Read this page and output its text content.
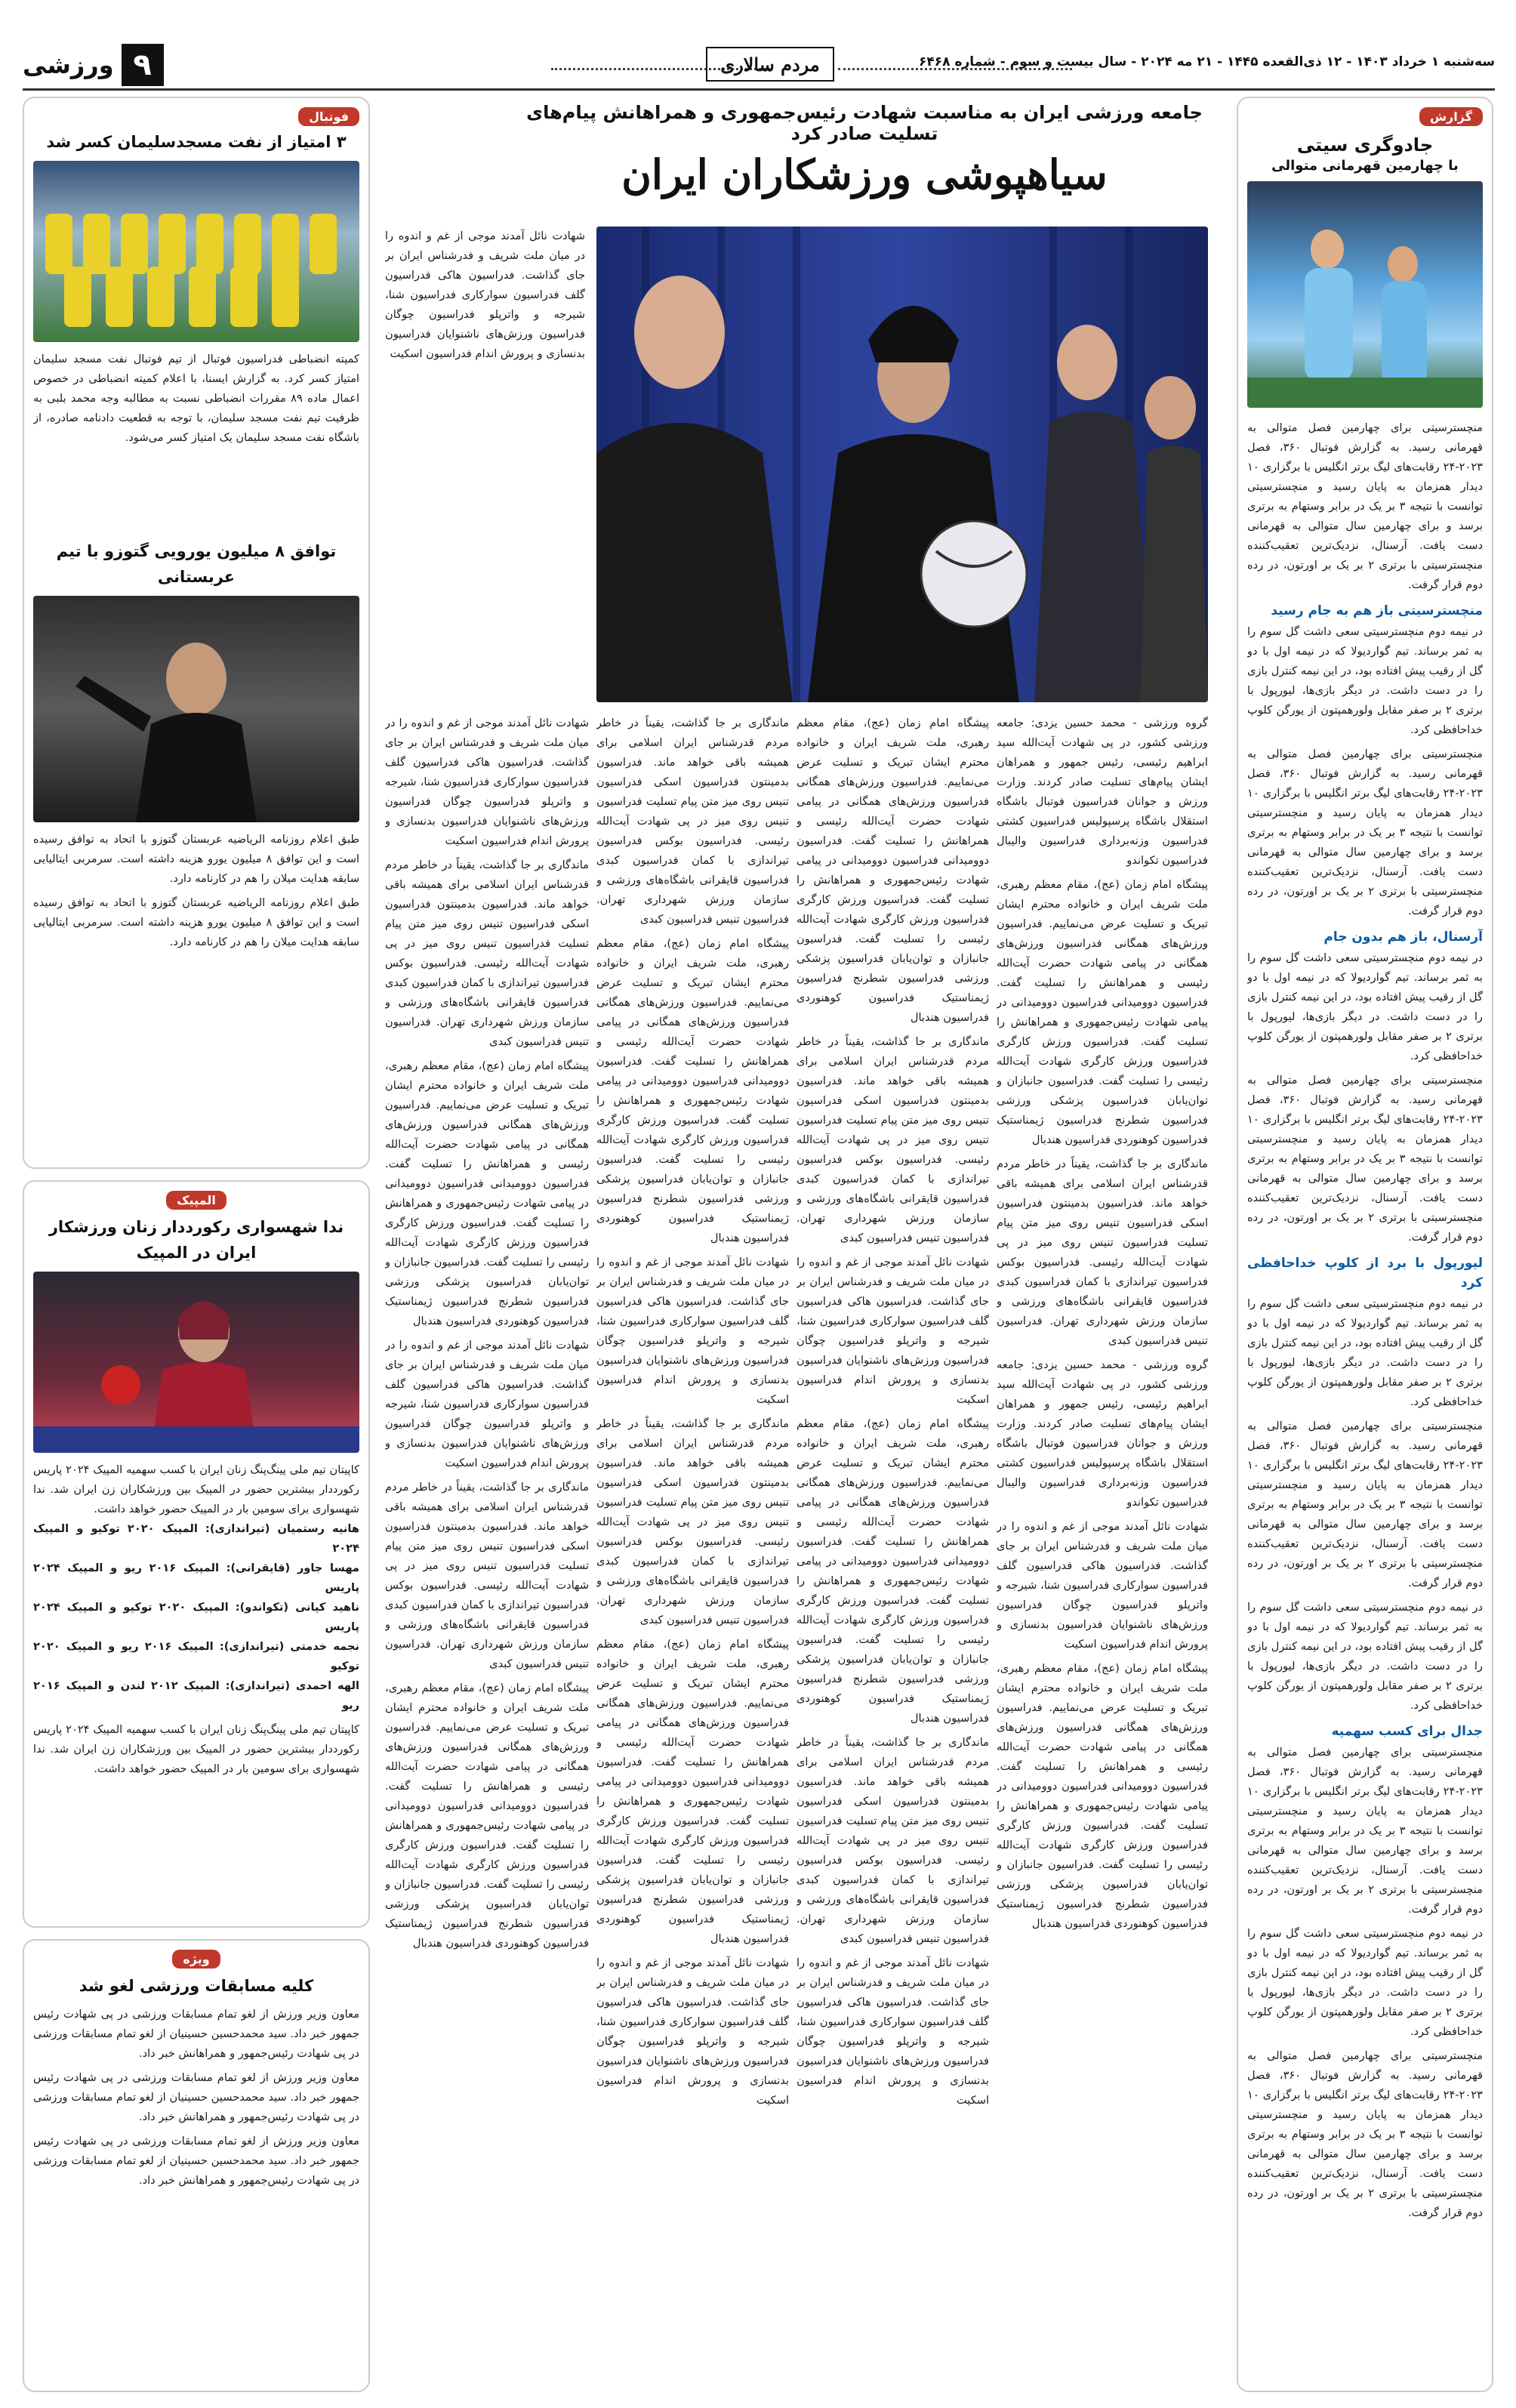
۹
ورزشی	مردم سالاری	سه‌شنبه ۱ خرداد ۱۴۰۳ - ۱۲ ذی‌القعده ۱۴۴۵ - ۲۱ مه ۲۰۲۴ - سال بیست و سوم - شماره ۶۴۶۸
گزارش
جادوگری سیتی
با چهارمین قهرمانی متوالی

منچسترسیتی برای چهارمین فصل متوالی به قهرمانی رسید. به گزارش فوتبال ۳۶۰، فصل ۲۰۲۳-۲۴ رقابت‌های لیگ برتر انگلیس با برگزاری ۱۰ دیدار همزمان به پایان رسید و منچسترسیتی توانست با نتیجه ۳ بر یک در برابر وستهام به برتری برسد و برای چهارمین سال متوالی به قهرمانی دست یافت. آرسنال، نزدیک‌ترین تعقیب‌کننده منچسترسیتی با برتری ۲ بر یک بر اورتون، در رده دوم قرار گرفت.

منچسترسیتی باز هم به جام رسید

در نیمه دوم منچسترسیتی سعی داشت گل سوم را به ثمر برساند. تیم گواردیولا که در نیمه اول با دو گل از رقیب پیش افتاده بود، در این نیمه کنترل بازی را در دست داشت. در دیگر بازی‌ها، لیورپول با برتری ۲ بر صفر مقابل ولورهمپتون از یورگن کلوپ خداحافظی کرد.

منچسترسیتی برای چهارمین فصل متوالی به قهرمانی رسید. به گزارش فوتبال ۳۶۰، فصل ۲۰۲۳-۲۴ رقابت‌های لیگ برتر انگلیس با برگزاری ۱۰ دیدار همزمان به پایان رسید و منچسترسیتی توانست با نتیجه ۳ بر یک در برابر وستهام به برتری برسد و برای چهارمین سال متوالی به قهرمانی دست یافت. آرسنال، نزدیک‌ترین تعقیب‌کننده منچسترسیتی با برتری ۲ بر یک بر اورتون، در رده دوم قرار گرفت.

آرسنال، باز هم بدون جام

در نیمه دوم منچسترسیتی سعی داشت گل سوم را به ثمر برساند. تیم گواردیولا که در نیمه اول با دو گل از رقیب پیش افتاده بود، در این نیمه کنترل بازی را در دست داشت. در دیگر بازی‌ها، لیورپول با برتری ۲ بر صفر مقابل ولورهمپتون از یورگن کلوپ خداحافظی کرد.

منچسترسیتی برای چهارمین فصل متوالی به قهرمانی رسید. به گزارش فوتبال ۳۶۰، فصل ۲۰۲۳-۲۴ رقابت‌های لیگ برتر انگلیس با برگزاری ۱۰ دیدار همزمان به پایان رسید و منچسترسیتی توانست با نتیجه ۳ بر یک در برابر وستهام به برتری برسد و برای چهارمین سال متوالی به قهرمانی دست یافت. آرسنال، نزدیک‌ترین تعقیب‌کننده منچسترسیتی با برتری ۲ بر یک بر اورتون، در رده دوم قرار گرفت.

لیورپول با برد از کلوپ خداحافظی کرد

در نیمه دوم منچسترسیتی سعی داشت گل سوم را به ثمر برساند. تیم گواردیولا که در نیمه اول با دو گل از رقیب پیش افتاده بود، در این نیمه کنترل بازی را در دست داشت. در دیگر بازی‌ها، لیورپول با برتری ۲ بر صفر مقابل ولورهمپتون از یورگن کلوپ خداحافظی کرد.

منچسترسیتی برای چهارمین فصل متوالی به قهرمانی رسید. به گزارش فوتبال ۳۶۰، فصل ۲۰۲۳-۲۴ رقابت‌های لیگ برتر انگلیس با برگزاری ۱۰ دیدار همزمان به پایان رسید و منچسترسیتی توانست با نتیجه ۳ بر یک در برابر وستهام به برتری برسد و برای چهارمین سال متوالی به قهرمانی دست یافت. آرسنال، نزدیک‌ترین تعقیب‌کننده منچسترسیتی با برتری ۲ بر یک بر اورتون، در رده دوم قرار گرفت.

در نیمه دوم منچسترسیتی سعی داشت گل سوم را به ثمر برساند. تیم گواردیولا که در نیمه اول با دو گل از رقیب پیش افتاده بود، در این نیمه کنترل بازی را در دست داشت. در دیگر بازی‌ها، لیورپول با برتری ۲ بر صفر مقابل ولورهمپتون از یورگن کلوپ خداحافظی کرد.

جدال برای کسب سهمیه

منچسترسیتی برای چهارمین فصل متوالی به قهرمانی رسید. به گزارش فوتبال ۳۶۰، فصل ۲۰۲۳-۲۴ رقابت‌های لیگ برتر انگلیس با برگزاری ۱۰ دیدار همزمان به پایان رسید و منچسترسیتی توانست با نتیجه ۳ بر یک در برابر وستهام به برتری برسد و برای چهارمین سال متوالی به قهرمانی دست یافت. آرسنال، نزدیک‌ترین تعقیب‌کننده منچسترسیتی با برتری ۲ بر یک بر اورتون، در رده دوم قرار گرفت.

در نیمه دوم منچسترسیتی سعی داشت گل سوم را به ثمر برساند. تیم گواردیولا که در نیمه اول با دو گل از رقیب پیش افتاده بود، در این نیمه کنترل بازی را در دست داشت. در دیگر بازی‌ها، لیورپول با برتری ۲ بر صفر مقابل ولورهمپتون از یورگن کلوپ خداحافظی کرد.

منچسترسیتی برای چهارمین فصل متوالی به قهرمانی رسید. به گزارش فوتبال ۳۶۰، فصل ۲۰۲۳-۲۴ رقابت‌های لیگ برتر انگلیس با برگزاری ۱۰ دیدار همزمان به پایان رسید و منچسترسیتی توانست با نتیجه ۳ بر یک در برابر وستهام به برتری برسد و برای چهارمین سال متوالی به قهرمانی دست یافت. آرسنال، نزدیک‌ترین تعقیب‌کننده منچسترسیتی با برتری ۲ بر یک بر اورتون، در رده دوم قرار گرفت.

جامعه ورزشی ایران به مناسبت شهادت رئیس‌جمهوری و همراهانش پیام‌های تسلیت صادر کرد
سیاهپوشی ورزشکاران ایران
شهادت نائل آمدند موجی از غم و اندوه را در میان ملت شریف و فدرشناس ایران بر جای گذاشت. فدراسیون هاکی فدراسیون گلف فدراسیون سوارکاری فدراسیون شنا، شیرجه و واترپلو فدراسیون چوگان فدراسیون ورزش‌های ناشنوایان فدراسیون بدنسازی و پرورش اندام فدراسیون اسکیت

گروه ورزشی - محمد حسین یزدی: جامعه ورزشی کشور، در پی شهادت آیت‌الله سید ابراهیم رئیسی، رئیس جمهور و همراهان ایشان پیام‌های تسلیت صادر کردند. وزارت ورزش و جوانان فدراسیون فوتبال باشگاه استقلال باشگاه پرسپولیس فدراسیون کشتی فدراسیون وزنه‌برداری فدراسیون والیبال فدراسیون تکواندو

پیشگاه امام زمان (عج)، مقام معظم رهبری، ملت شریف ایران و خانواده محترم ایشان تبریک و تسلیت عرض می‌نماییم. فدراسیون ورزش‌های همگانی فدراسیون ورزش‌های همگانی در پیامی شهادت حضرت آیت‌الله رئیسی و همراهانش را تسلیت گفت. فدراسیون دوومیدانی فدراسیون دوومیدانی در پیامی شهادت رئیس‌جمهوری و همراهانش را تسلیت گفت. فدراسیون ورزش کارگری فدراسیون ورزش کارگری شهادت آیت‌الله رئیسی را تسلیت گفت. فدراسیون جانبازان و توان‌یابان فدراسیون پزشکی ورزشی فدراسیون شطرنج فدراسیون ژیمناستیک فدراسیون کوهنوردی فدراسیون هندبال

ماندگاری بر جا گذاشت، یقیناً در خاطر مردم قدرشناس ایران اسلامی برای همیشه باقی خواهد ماند. فدراسیون بدمینتون فدراسیون اسکی فدراسیون تنیس روی میز متن پیام تسلیت فدراسیون تنیس روی میز در پی شهادت آیت‌الله رئیسی. فدراسیون بوکس فدراسیون تیراندازی با کمان فدراسیون کبدی فدراسیون قایقرانی باشگاه‌های ورزشی و سازمان ورزش شهرداری تهران. فدراسیون تنیس فدراسیون کبدی

گروه ورزشی - محمد حسین یزدی: جامعه ورزشی کشور، در پی شهادت آیت‌الله سید ابراهیم رئیسی، رئیس جمهور و همراهان ایشان پیام‌های تسلیت صادر کردند. وزارت ورزش و جوانان فدراسیون فوتبال باشگاه استقلال باشگاه پرسپولیس فدراسیون کشتی فدراسیون وزنه‌برداری فدراسیون والیبال فدراسیون تکواندو

شهادت نائل آمدند موجی از غم و اندوه را در میان ملت شریف و فدرشناس ایران بر جای گذاشت. فدراسیون هاکی فدراسیون گلف فدراسیون سوارکاری فدراسیون شنا، شیرجه و واترپلو فدراسیون چوگان فدراسیون ورزش‌های ناشنوایان فدراسیون بدنسازی و پرورش اندام فدراسیون اسکیت

پیشگاه امام زمان (عج)، مقام معظم رهبری، ملت شریف ایران و خانواده محترم ایشان تبریک و تسلیت عرض می‌نماییم. فدراسیون ورزش‌های همگانی فدراسیون ورزش‌های همگانی در پیامی شهادت حضرت آیت‌الله رئیسی و همراهانش را تسلیت گفت. فدراسیون دوومیدانی فدراسیون دوومیدانی در پیامی شهادت رئیس‌جمهوری و همراهانش را تسلیت گفت. فدراسیون ورزش کارگری فدراسیون ورزش کارگری شهادت آیت‌الله رئیسی را تسلیت گفت. فدراسیون جانبازان و توان‌یابان فدراسیون پزشکی ورزشی فدراسیون شطرنج فدراسیون ژیمناستیک فدراسیون کوهنوردی فدراسیون هندبال

پیشگاه امام زمان (عج)، مقام معظم رهبری، ملت شریف ایران و خانواده محترم ایشان تبریک و تسلیت عرض می‌نماییم. فدراسیون ورزش‌های همگانی فدراسیون ورزش‌های همگانی در پیامی شهادت حضرت آیت‌الله رئیسی و همراهانش را تسلیت گفت. فدراسیون دوومیدانی فدراسیون دوومیدانی در پیامی شهادت رئیس‌جمهوری و همراهانش را تسلیت گفت. فدراسیون ورزش کارگری فدراسیون ورزش کارگری شهادت آیت‌الله رئیسی را تسلیت گفت. فدراسیون جانبازان و توان‌یابان فدراسیون پزشکی ورزشی فدراسیون شطرنج فدراسیون ژیمناستیک فدراسیون کوهنوردی فدراسیون هندبال

ماندگاری بر جا گذاشت، یقیناً در خاطر مردم قدرشناس ایران اسلامی برای همیشه باقی خواهد ماند. فدراسیون بدمینتون فدراسیون اسکی فدراسیون تنیس روی میز متن پیام تسلیت فدراسیون تنیس روی میز در پی شهادت آیت‌الله رئیسی. فدراسیون بوکس فدراسیون تیراندازی با کمان فدراسیون کبدی فدراسیون قایقرانی باشگاه‌های ورزشی و سازمان ورزش شهرداری تهران. فدراسیون تنیس فدراسیون کبدی

شهادت نائل آمدند موجی از غم و اندوه را در میان ملت شریف و فدرشناس ایران بر جای گذاشت. فدراسیون هاکی فدراسیون گلف فدراسیون سوارکاری فدراسیون شنا، شیرجه و واترپلو فدراسیون چوگان فدراسیون ورزش‌های ناشنوایان فدراسیون بدنسازی و پرورش اندام فدراسیون اسکیت

پیشگاه امام زمان (عج)، مقام معظم رهبری، ملت شریف ایران و خانواده محترم ایشان تبریک و تسلیت عرض می‌نماییم. فدراسیون ورزش‌های همگانی فدراسیون ورزش‌های همگانی در پیامی شهادت حضرت آیت‌الله رئیسی و همراهانش را تسلیت گفت. فدراسیون دوومیدانی فدراسیون دوومیدانی در پیامی شهادت رئیس‌جمهوری و همراهانش را تسلیت گفت. فدراسیون ورزش کارگری فدراسیون ورزش کارگری شهادت آیت‌الله رئیسی را تسلیت گفت. فدراسیون جانبازان و توان‌یابان فدراسیون پزشکی ورزشی فدراسیون شطرنج فدراسیون ژیمناستیک فدراسیون کوهنوردی فدراسیون هندبال

ماندگاری بر جا گذاشت، یقیناً در خاطر مردم قدرشناس ایران اسلامی برای همیشه باقی خواهد ماند. فدراسیون بدمینتون فدراسیون اسکی فدراسیون تنیس روی میز متن پیام تسلیت فدراسیون تنیس روی میز در پی شهادت آیت‌الله رئیسی. فدراسیون بوکس فدراسیون تیراندازی با کمان فدراسیون کبدی فدراسیون قایقرانی باشگاه‌های ورزشی و سازمان ورزش شهرداری تهران. فدراسیون تنیس فدراسیون کبدی

شهادت نائل آمدند موجی از غم و اندوه را در میان ملت شریف و فدرشناس ایران بر جای گذاشت. فدراسیون هاکی فدراسیون گلف فدراسیون سوارکاری فدراسیون شنا، شیرجه و واترپلو فدراسیون چوگان فدراسیون ورزش‌های ناشنوایان فدراسیون بدنسازی و پرورش اندام فدراسیون اسکیت

ماندگاری بر جا گذاشت، یقیناً در خاطر مردم قدرشناس ایران اسلامی برای همیشه باقی خواهد ماند. فدراسیون بدمینتون فدراسیون اسکی فدراسیون تنیس روی میز متن پیام تسلیت فدراسیون تنیس روی میز در پی شهادت آیت‌الله رئیسی. فدراسیون بوکس فدراسیون تیراندازی با کمان فدراسیون کبدی فدراسیون قایقرانی باشگاه‌های ورزشی و سازمان ورزش شهرداری تهران. فدراسیون تنیس فدراسیون کبدی

پیشگاه امام زمان (عج)، مقام معظم رهبری، ملت شریف ایران و خانواده محترم ایشان تبریک و تسلیت عرض می‌نماییم. فدراسیون ورزش‌های همگانی فدراسیون ورزش‌های همگانی در پیامی شهادت حضرت آیت‌الله رئیسی و همراهانش را تسلیت گفت. فدراسیون دوومیدانی فدراسیون دوومیدانی در پیامی شهادت رئیس‌جمهوری و همراهانش را تسلیت گفت. فدراسیون ورزش کارگری فدراسیون ورزش کارگری شهادت آیت‌الله رئیسی را تسلیت گفت. فدراسیون جانبازان و توان‌یابان فدراسیون پزشکی ورزشی فدراسیون شطرنج فدراسیون ژیمناستیک فدراسیون کوهنوردی فدراسیون هندبال

شهادت نائل آمدند موجی از غم و اندوه را در میان ملت شریف و فدرشناس ایران بر جای گذاشت. فدراسیون هاکی فدراسیون گلف فدراسیون سوارکاری فدراسیون شنا، شیرجه و واترپلو فدراسیون چوگان فدراسیون ورزش‌های ناشنوایان فدراسیون بدنسازی و پرورش اندام فدراسیون اسکیت

ماندگاری بر جا گذاشت، یقیناً در خاطر مردم قدرشناس ایران اسلامی برای همیشه باقی خواهد ماند. فدراسیون بدمینتون فدراسیون اسکی فدراسیون تنیس روی میز متن پیام تسلیت فدراسیون تنیس روی میز در پی شهادت آیت‌الله رئیسی. فدراسیون بوکس فدراسیون تیراندازی با کمان فدراسیون کبدی فدراسیون قایقرانی باشگاه‌های ورزشی و سازمان ورزش شهرداری تهران. فدراسیون تنیس فدراسیون کبدی

پیشگاه امام زمان (عج)، مقام معظم رهبری، ملت شریف ایران و خانواده محترم ایشان تبریک و تسلیت عرض می‌نماییم. فدراسیون ورزش‌های همگانی فدراسیون ورزش‌های همگانی در پیامی شهادت حضرت آیت‌الله رئیسی و همراهانش را تسلیت گفت. فدراسیون دوومیدانی فدراسیون دوومیدانی در پیامی شهادت رئیس‌جمهوری و همراهانش را تسلیت گفت. فدراسیون ورزش کارگری فدراسیون ورزش کارگری شهادت آیت‌الله رئیسی را تسلیت گفت. فدراسیون جانبازان و توان‌یابان فدراسیون پزشکی ورزشی فدراسیون شطرنج فدراسیون ژیمناستیک فدراسیون کوهنوردی فدراسیون هندبال

شهادت نائل آمدند موجی از غم و اندوه را در میان ملت شریف و فدرشناس ایران بر جای گذاشت. فدراسیون هاکی فدراسیون گلف فدراسیون سوارکاری فدراسیون شنا، شیرجه و واترپلو فدراسیون چوگان فدراسیون ورزش‌های ناشنوایان فدراسیون بدنسازی و پرورش اندام فدراسیون اسکیت

شهادت نائل آمدند موجی از غم و اندوه را در میان ملت شریف و فدرشناس ایران بر جای گذاشت. فدراسیون هاکی فدراسیون گلف فدراسیون سوارکاری فدراسیون شنا، شیرجه و واترپلو فدراسیون چوگان فدراسیون ورزش‌های ناشنوایان فدراسیون بدنسازی و پرورش اندام فدراسیون اسکیت

ماندگاری بر جا گذاشت، یقیناً در خاطر مردم قدرشناس ایران اسلامی برای همیشه باقی خواهد ماند. فدراسیون بدمینتون فدراسیون اسکی فدراسیون تنیس روی میز متن پیام تسلیت فدراسیون تنیس روی میز در پی شهادت آیت‌الله رئیسی. فدراسیون بوکس فدراسیون تیراندازی با کمان فدراسیون کبدی فدراسیون قایقرانی باشگاه‌های ورزشی و سازمان ورزش شهرداری تهران. فدراسیون تنیس فدراسیون کبدی

پیشگاه امام زمان (عج)، مقام معظم رهبری، ملت شریف ایران و خانواده محترم ایشان تبریک و تسلیت عرض می‌نماییم. فدراسیون ورزش‌های همگانی فدراسیون ورزش‌های همگانی در پیامی شهادت حضرت آیت‌الله رئیسی و همراهانش را تسلیت گفت. فدراسیون دوومیدانی فدراسیون دوومیدانی در پیامی شهادت رئیس‌جمهوری و همراهانش را تسلیت گفت. فدراسیون ورزش کارگری فدراسیون ورزش کارگری شهادت آیت‌الله رئیسی را تسلیت گفت. فدراسیون جانبازان و توان‌یابان فدراسیون پزشکی ورزشی فدراسیون شطرنج فدراسیون ژیمناستیک فدراسیون کوهنوردی فدراسیون هندبال

شهادت نائل آمدند موجی از غم و اندوه را در میان ملت شریف و فدرشناس ایران بر جای گذاشت. فدراسیون هاکی فدراسیون گلف فدراسیون سوارکاری فدراسیون شنا، شیرجه و واترپلو فدراسیون چوگان فدراسیون ورزش‌های ناشنوایان فدراسیون بدنسازی و پرورش اندام فدراسیون اسکیت

ماندگاری بر جا گذاشت، یقیناً در خاطر مردم قدرشناس ایران اسلامی برای همیشه باقی خواهد ماند. فدراسیون بدمینتون فدراسیون اسکی فدراسیون تنیس روی میز متن پیام تسلیت فدراسیون تنیس روی میز در پی شهادت آیت‌الله رئیسی. فدراسیون بوکس فدراسیون تیراندازی با کمان فدراسیون کبدی فدراسیون قایقرانی باشگاه‌های ورزشی و سازمان ورزش شهرداری تهران. فدراسیون تنیس فدراسیون کبدی

پیشگاه امام زمان (عج)، مقام معظم رهبری، ملت شریف ایران و خانواده محترم ایشان تبریک و تسلیت عرض می‌نماییم. فدراسیون ورزش‌های همگانی فدراسیون ورزش‌های همگانی در پیامی شهادت حضرت آیت‌الله رئیسی و همراهانش را تسلیت گفت. فدراسیون دوومیدانی فدراسیون دوومیدانی در پیامی شهادت رئیس‌جمهوری و همراهانش را تسلیت گفت. فدراسیون ورزش کارگری فدراسیون ورزش کارگری شهادت آیت‌الله رئیسی را تسلیت گفت. فدراسیون جانبازان و توان‌یابان فدراسیون پزشکی ورزشی فدراسیون شطرنج فدراسیون ژیمناستیک فدراسیون کوهنوردی فدراسیون هندبال

فوتبال
۳ امتیاز از نفت مسجدسلیمان کسر شد
کمیته انضباطی فدراسیون فوتبال از تیم فوتبال نفت مسجد سلیمان امتیاز کسر کرد. به گزارش ایسنا، با اعلام کمیته انضباطی در خصوص اعمال ماده ۸۹ مقررات انضباطی نسبت به مطالبه وجه محمد بلبی به ظرفیت تیم نفت مسجد سلیمان، با توجه به قطعیت دادنامه صادره، از باشگاه نفت مسجد سلیمان یک امتیاز کسر می‌شود.
توافق ۸ میلیون یورویی گتوزو با تیم عربستانی

طبق اعلام روزنامه الریاضیه عربستان گتوزو با اتحاد به توافق رسیده است و این توافق ۸ میلیون یورو هزینه داشته است. سرمربی ایتالیایی سابقه هدایت میلان را هم در کارنامه دارد.

طبق اعلام روزنامه الریاضیه عربستان گتوزو با اتحاد به توافق رسیده است و این توافق ۸ میلیون یورو هزینه داشته است. سرمربی ایتالیایی سابقه هدایت میلان را هم در کارنامه دارد.

المپیک
ندا شهسواری رکورددار زنان ورزشکار ایران در المپیک

کاپیتان تیم ملی پینگ‌پنگ زنان ایران با کسب سهمیه المپیک ۲۰۲۴ پاریس رکورددار بیشترین حضور در المپیک بین ورزشکاران زن ایران شد. ندا شهسواری برای سومین بار در المپیک حضور خواهد داشت.

هانیه رستمیان (تیراندازی): المپیک ۲۰۲۰ توکیو و المپیک ۲۰۲۴

مهسا جاور (قایقرانی): المپیک ۲۰۱۶ ریو و المپیک ۲۰۲۴ پاریس

ناهید کیانی (تکواندو): المپیک ۲۰۲۰ توکیو و المپیک ۲۰۲۴ پاریس

نجمه خدمتی (تیراندازی): المپیک ۲۰۱۶ ریو و المپیک ۲۰۲۰ توکیو

الهه احمدی (تیراندازی): المپیک ۲۰۱۲ لندن و المپیک ۲۰۱۶ ریو

کاپیتان تیم ملی پینگ‌پنگ زنان ایران با کسب سهمیه المپیک ۲۰۲۴ پاریس رکورددار بیشترین حضور در المپیک بین ورزشکاران زن ایران شد. ندا شهسواری برای سومین بار در المپیک حضور خواهد داشت.

ویژه
کلیه مسابقات ورزشی لغو شد

معاون وزیر ورزش از لغو تمام مسابقات ورزشی در پی شهادت رئیس جمهور خبر داد. سید محمدحسین حسینیان از لغو تمام مسابقات ورزشی در پی شهادت رئیس‌جمهور و همراهانش خبر داد.

معاون وزیر ورزش از لغو تمام مسابقات ورزشی در پی شهادت رئیس جمهور خبر داد. سید محمدحسین حسینیان از لغو تمام مسابقات ورزشی در پی شهادت رئیس‌جمهور و همراهانش خبر داد.

معاون وزیر ورزش از لغو تمام مسابقات ورزشی در پی شهادت رئیس جمهور خبر داد. سید محمدحسین حسینیان از لغو تمام مسابقات ورزشی در پی شهادت رئیس‌جمهور و همراهانش خبر داد.
